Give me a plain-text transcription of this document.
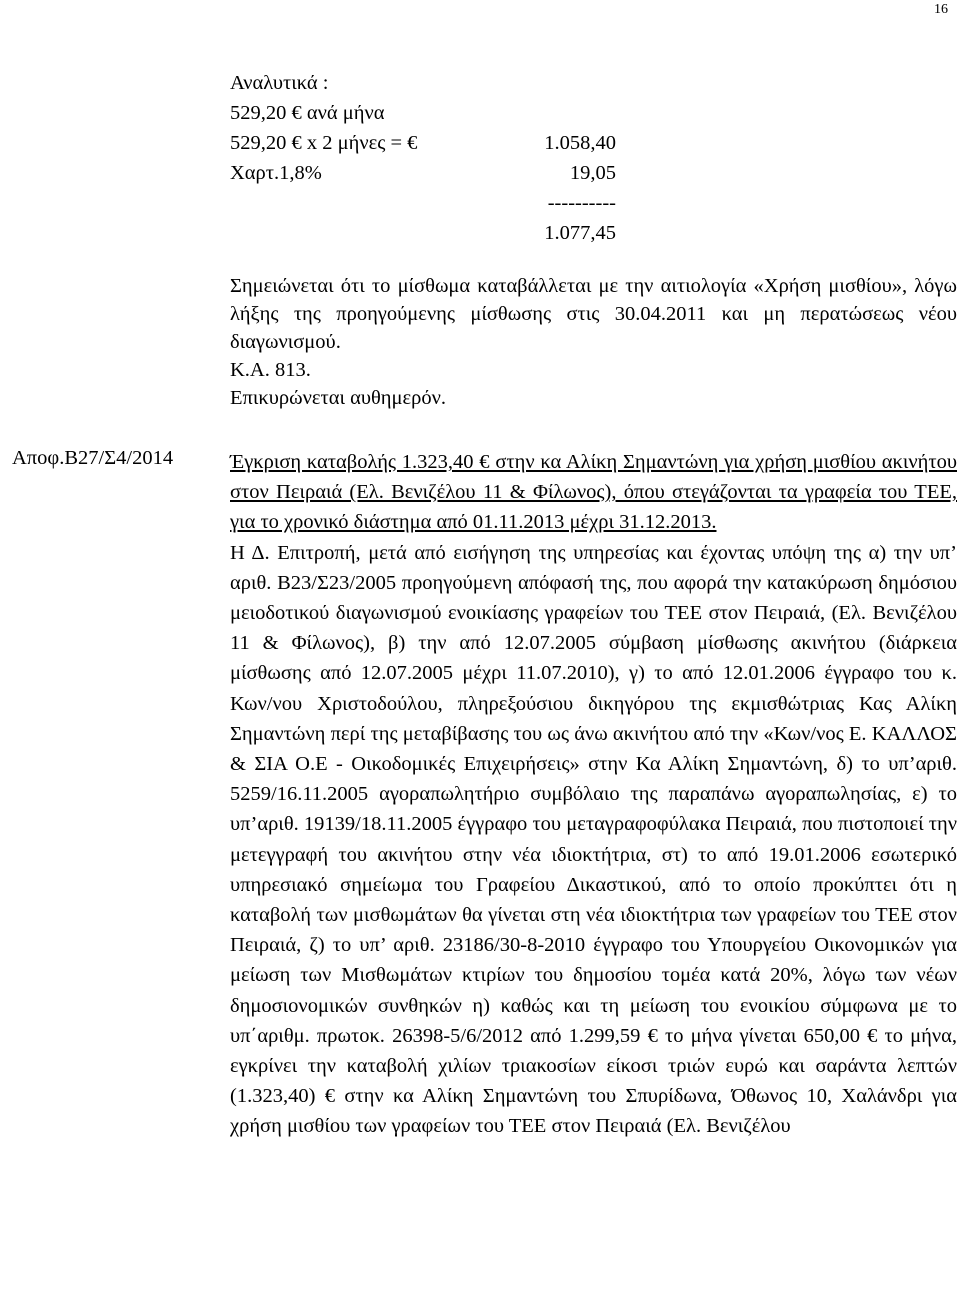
16
Αναλυτικά :
529,20 € ανά μήνα
529,20 € x 2 μήνες = €	1.058,40
Χαρτ.1,8%	19,05
----------
1.077,45

Σημειώνεται ότι το μίσθωμα καταβάλλεται με την αιτιολογία «Χρήση μισθίου», λόγω λήξης της προηγούμενης μίσθωσης στις 30.04.2011 και μη περατώσεως νέου διαγωνισμού.

Κ.Α. 813.

Επικυρώνεται αυθημερόν.

Αποφ.Β27/Σ4/2014	Έγκριση καταβολής 1.323,40 € στην κα Αλίκη Σημαντώνη για χρήση μισθίου ακινήτου στον Πειραιά (Ελ. Βενιζέλου 11 & Φίλωνος), όπου στεγάζονται τα γραφεία του ΤΕΕ, για το χρονικό διάστημα από 01.11.2013 μέχρι 31.12.2013.

Η Δ. Επιτροπή, μετά από εισήγηση της υπηρεσίας και έχοντας υπόψη της α) την υπ’ αριθ. Β23/Σ23/2005 προηγούμενη απόφασή της, που αφορά την κατακύρωση δημόσιου μειοδοτικού διαγωνισμού ενοικίασης γραφείων του ΤΕΕ στον Πειραιά, (Ελ. Βενιζέλου 11 & Φίλωνος), β) την από 12.07.2005 σύμβαση μίσθωσης ακινήτου (διάρκεια μίσθωσης από 12.07.2005 μέχρι 11.07.2010), γ) το από 12.01.2006 έγγραφο του κ. Κων/νου Χριστοδούλου, πληρεξούσιου δικηγόρου της εκμισθώτριας Κας Αλίκη Σημαντώνη περί της μεταβίβασης του ως άνω ακινήτου από την «Κων/νος Ε. ΚΑΛΛΟΣ & ΣΙΑ Ο.Ε - Οικοδομικές Επιχειρήσεις» στην Κα Αλίκη Σημαντώνη, δ) το υπ’αριθ. 5259/16.11.2005 αγοραπωλητήριο συμβόλαιο της παραπάνω αγοραπωλησίας, ε) το υπ’αριθ. 19139/18.11.2005 έγγραφο του μεταγραφοφύλακα Πειραιά, που πιστοποιεί την μετεγγραφή του ακινήτου στην νέα ιδιοκτήτρια, στ) το από 19.01.2006 εσωτερικό υπηρεσιακό σημείωμα του Γραφείου Δικαστικού, από το οποίο προκύπτει ότι η καταβολή των μισθωμάτων θα γίνεται στη νέα ιδιοκτήτρια των γραφείων του ΤΕΕ στον Πειραιά, ζ) το υπ’ αριθ. 23186/30-8-2010 έγγραφο του Υπουργείου Οικονομικών για μείωση των Μισθωμάτων κτιρίων του δημοσίου τομέα κατά 20%, λόγω των νέων δημοσιονομικών συνθηκών η) καθώς και τη μείωση του ενοικίου σύμφωνα με το υπ΄αριθμ. πρωτοκ. 26398-5/6/2012 από 1.299,59 € το μήνα γίνεται 650,00 € το μήνα, εγκρίνει την καταβολή χιλίων τριακοσίων είκοσι τριών ευρώ και σαράντα λεπτών (1.323,40) € στην κα Αλίκη Σημαντώνη του Σπυρίδωνα, Όθωνος 10, Χαλάνδρι για χρήση μισθίου των γραφείων του ΤΕΕ στον Πειραιά (Ελ. Βενιζέλου
